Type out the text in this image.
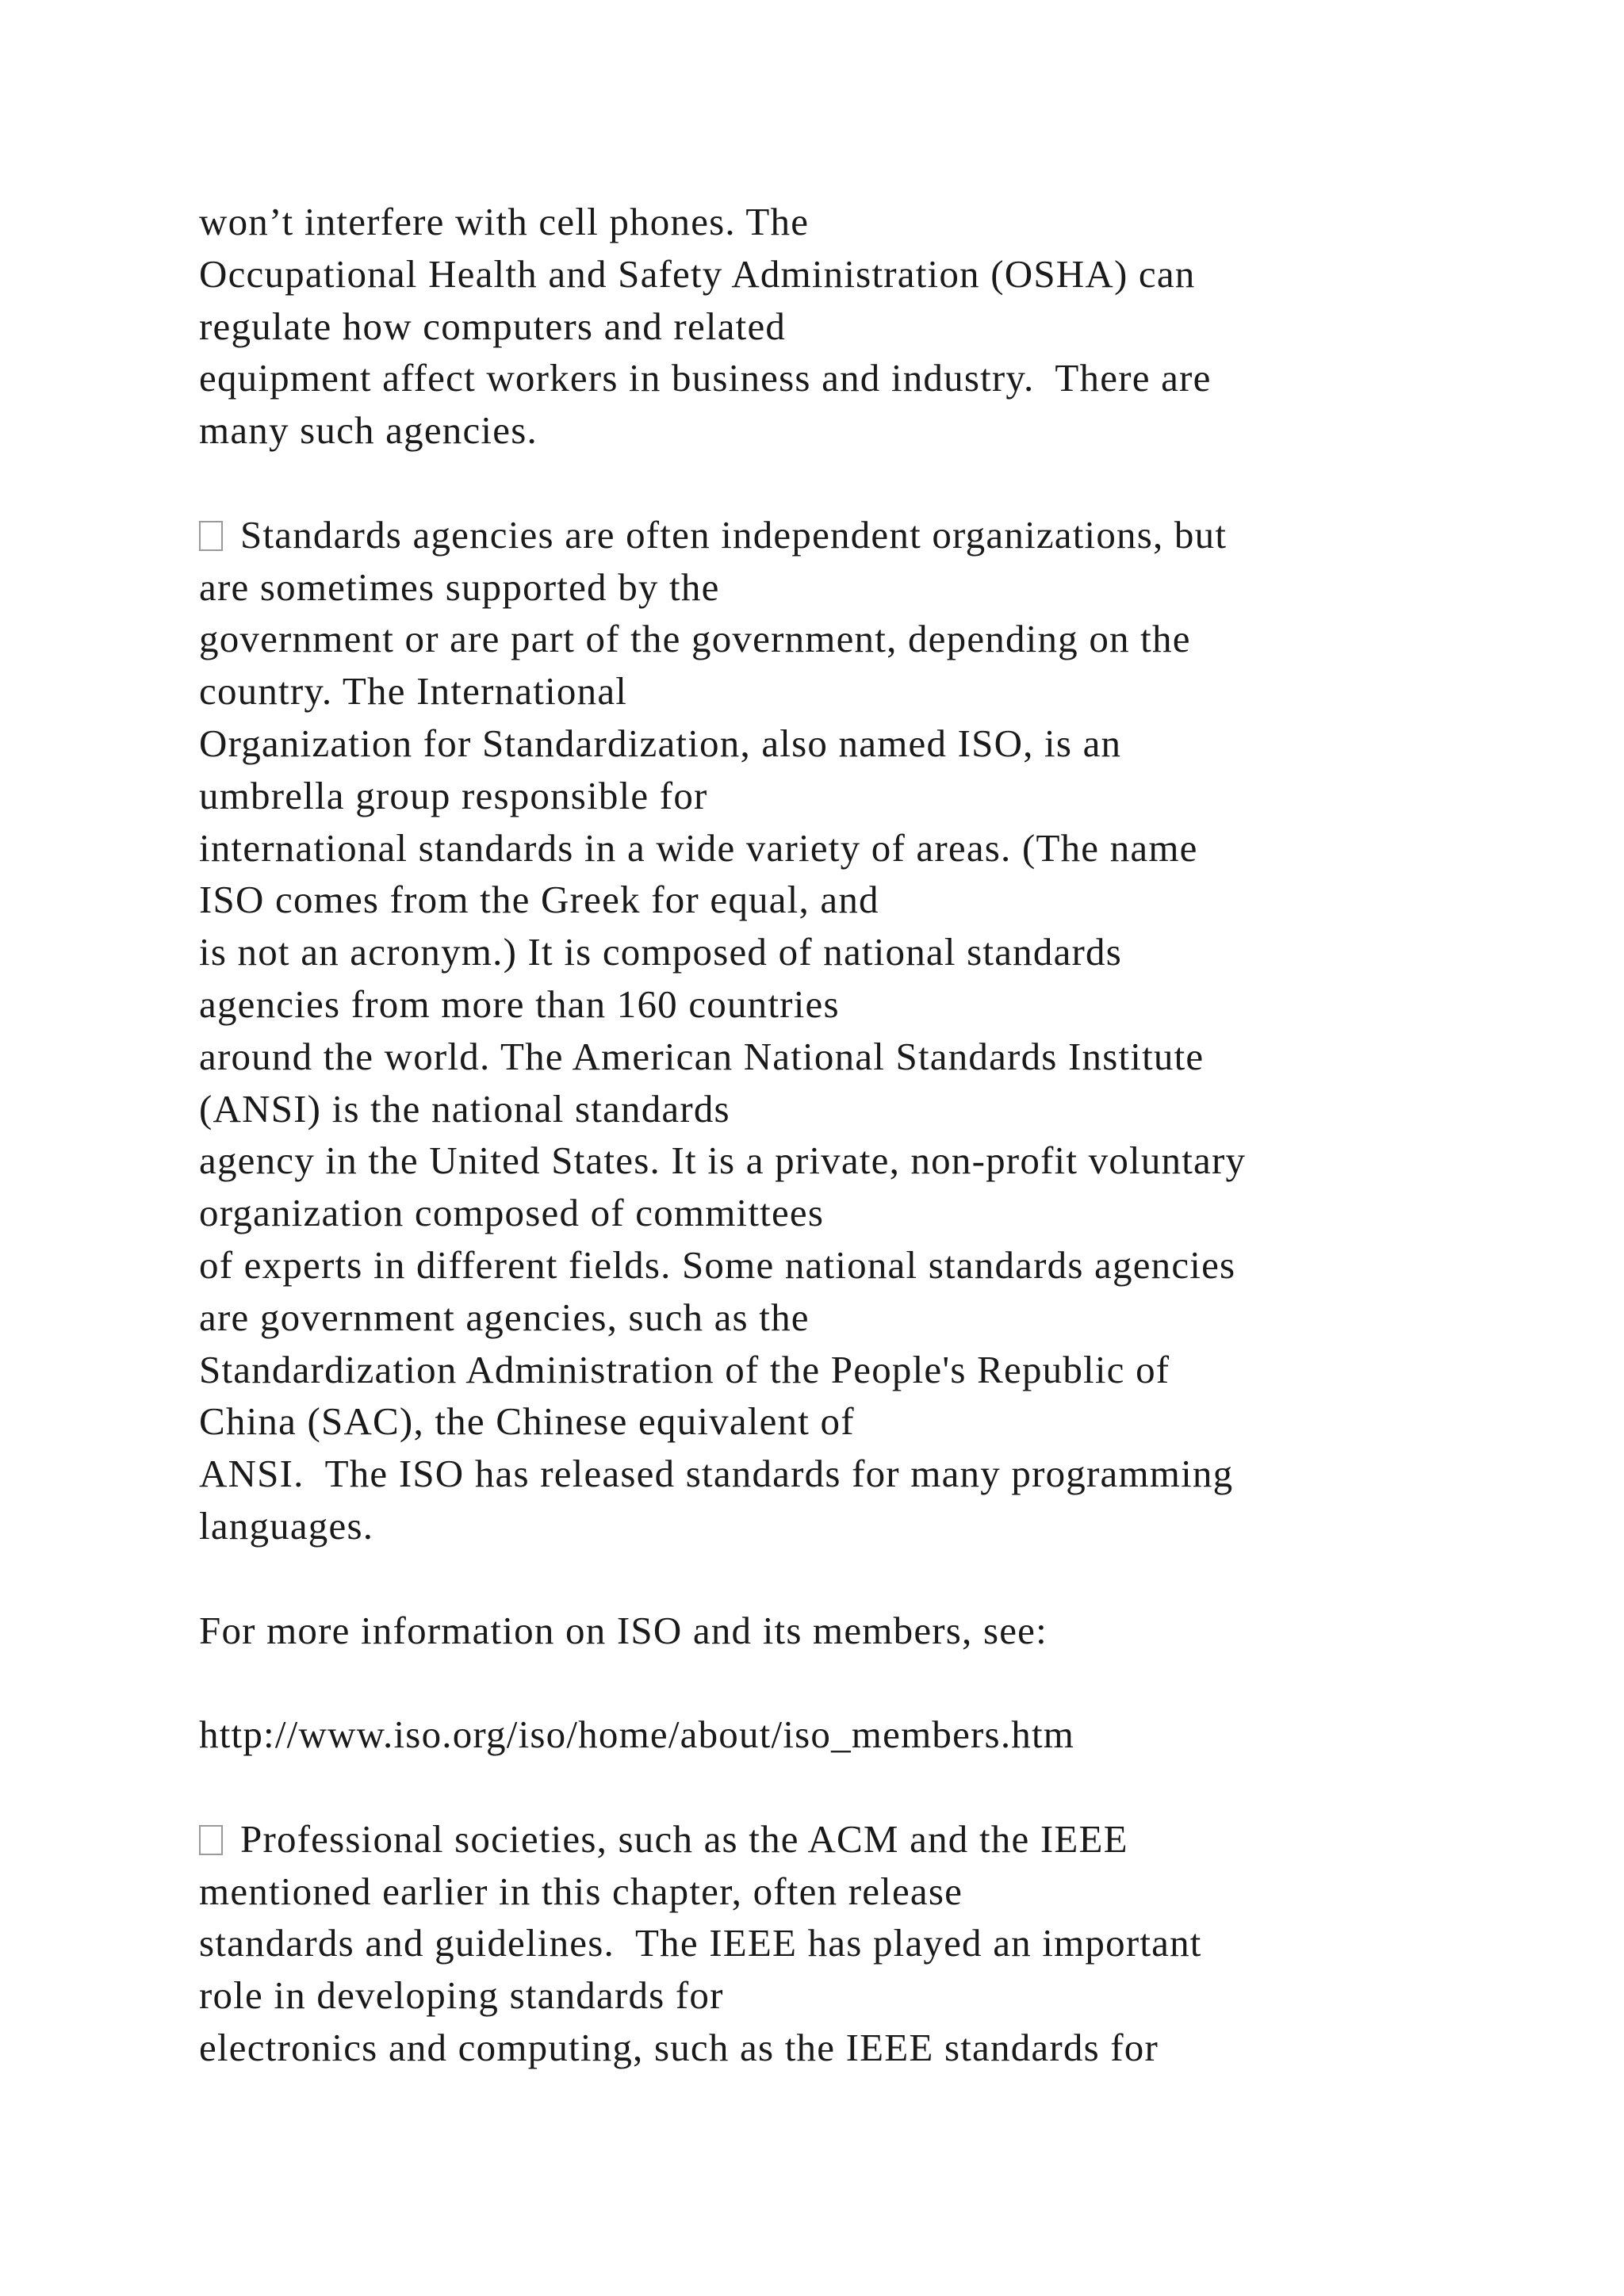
won’t interfere with cell phones. The
Occupational Health and Safety Administration (OSHA) can
regulate how computers and related
equipment affect workers in business and industry.  There are
many such agencies.
Standards agencies are often independent organizations, but
are sometimes supported by the
government or are part of the government, depending on the
country. The International
Organization for Standardization, also named ISO, is an
umbrella group responsible for
international standards in a wide variety of areas. (The name
ISO comes from the Greek for equal, and
is not an acronym.) It is composed of national standards
agencies from more than 160 countries
around the world. The American National Standards Institute
(ANSI) is the national standards
agency in the United States. It is a private, non-profit voluntary
organization composed of committees
of experts in different fields. Some national standards agencies
are government agencies, such as the
Standardization Administration of the People's Republic of
China (SAC), the Chinese equivalent of
ANSI.  The ISO has released standards for many programming
languages.
For more information on ISO and its members, see:
http://www.iso.org/iso/home/about/iso_members.htm
Professional societies, such as the ACM and the IEEE
mentioned earlier in this chapter, often release
standards and guidelines.  The IEEE has played an important
role in developing standards for
electronics and computing, such as the IEEE standards for
